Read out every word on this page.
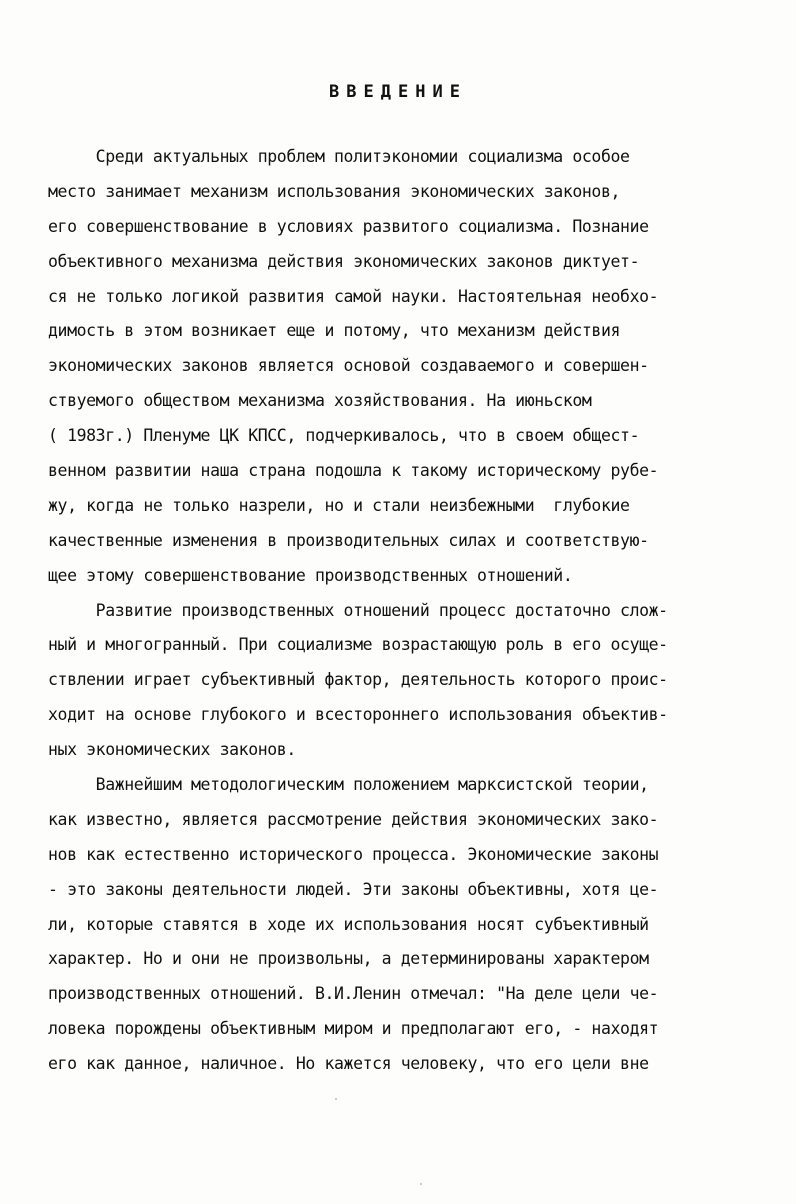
ВВЕДЕНИЕ
Среди актуальных проблем политэкономии социализма особое
место занимает механизм использования экономических законов,
его совершенствование в условиях развитого социализма. Познание
объективного механизма действия экономических законов диктует-
ся не только логикой развития самой науки. Настоятельная необхо-
димость в этом возникает еще и потому, что механизм действия
экономических законов является основой создаваемого и совершен-
ствуемого обществом механизма хозяйствования. На июньском
( 1983г.) Пленуме ЦК КПСС, подчеркивалось, что в своем общест-
венном развитии наша страна подошла к такому историческому рубе-
жу, когда не только назрели, но и стали неизбежными  глубокие
качественные изменения в производительных силах и соответствую-
щее этому совершенствование производственных отношений.
Развитие производственных отношений процесс достаточно слож-
ный и многогранный. При социализме возрастающую роль в его осуще-
ствлении играет субъективный фактор, деятельность которого проис-
ходит на основе глубокого и всестороннего использования объектив-
ных экономических законов.
Важнейшим методологическим положением марксистской теории,
как известно, является рассмотрение действия экономических зако-
нов как естественно исторического процесса. Экономические законы
- это законы деятельности людей. Эти законы объективны, хотя це-
ли, которые ставятся в ходе их использования носят субъективный
характер. Но и они не произвольны, а детерминированы характером
производственных отношений. В.И.Ленин отмечал: "На деле цели че-
ловека порождены объективным миром и предполагают его, - находят
его как данное, наличное. Но кажется человеку, что его цели вне
